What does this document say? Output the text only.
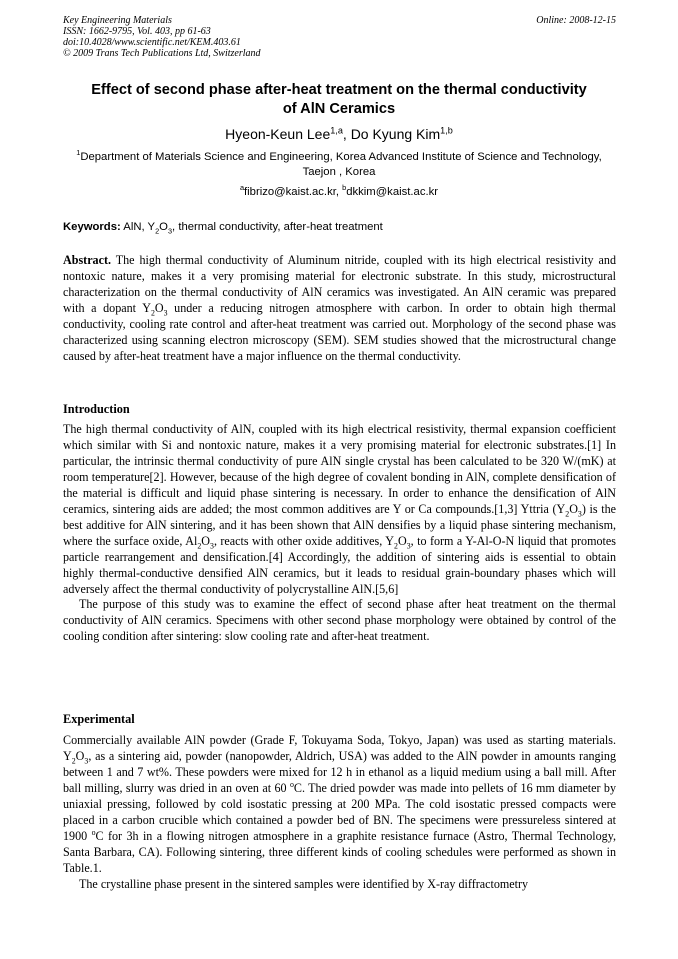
Key Engineering Materials
ISSN: 1662-9795, Vol. 403, pp 61-63
doi:10.4028/www.scientific.net/KEM.403.61
© 2009 Trans Tech Publications Ltd, Switzerland
Online: 2008-12-15
Effect of second phase after-heat treatment on the thermal conductivity
of AlN Ceramics
Hyeon-Keun Lee$^{1,a}$, Do Kyung Kim$^{1,b}$
$^1$Department of Materials Science and Engineering, Korea Advanced Institute of Science and Technology, Taejon , Korea
$^a$fibrizo@kaist.ac.kr, $^b$dkkim@kaist.ac.kr
Keywords: AlN, $Y_2O_3$, thermal conductivity, after-heat treatment

Abstract. The high thermal conductivity of Aluminum nitride, coupled with its high electrical resistivity and nontoxic nature, makes it a very promising material for electronic substrate. In this study, microstructural characterization on the thermal conductivity of AlN ceramics was investigated. An AlN ceramic was prepared with a dopant $Y_2O_3$ under a reducing nitrogen atmosphere with carbon. In order to obtain high thermal conductivity, cooling rate control and after-heat treatment was carried out. Morphology of the second phase was characterized using scanning electron microscopy (SEM). SEM studies showed that the microstructural change caused by after-heat treatment have a major influence on the thermal conductivity.

Introduction

The high thermal conductivity of AlN, coupled with its high electrical resistivity, thermal expansion coefficient which similar with Si and nontoxic nature, makes it a very promising material for electronic substrates.[1] In particular, the intrinsic thermal conductivity of pure AlN single crystal has been calculated to be 320 W/(mK) at room temperature[2]. However, because of the high degree of covalent bonding in AlN, complete densification of the material is difficult and liquid phase sintering is necessary. In order to enhance the densification of AlN ceramics, sintering aids are added; the most common additives are Y or Ca compounds.[1,3] Yttria $(Y_2O_3)$ is the best additive for AlN sintering, and it has been shown that AlN densifies by a liquid phase sintering mechanism, where the surface oxide, $Al_2O_3$, reacts with other oxide additives, $Y_2O_3$, to form a Y-Al-O-N liquid that promotes particle rearrangement and densification.[4] Accordingly, the addition of sintering aids is essential to obtain highly thermal-conductive densified AlN ceramics, but it leads to residual grain-boundary phases which will adversely affect the thermal conductivity of polycrystalline AlN.[5,6]

The purpose of this study was to examine the effect of second phase after heat treatment on the thermal conductivity of AlN ceramics. Specimens with other second phase morphology were obtained by control of the cooling condition after sintering: slow cooling rate and after-heat treatment.

Experimental

Commercially available AlN powder (Grade F, Tokuyama Soda, Tokyo, Japan) was used as starting materials. $Y_2O_3$, as a sintering aid, powder (nanopowder, Aldrich, USA) was added to the AlN powder in amounts ranging between 1 and 7 wt%. These powders were mixed for 12 h in ethanol as a liquid medium using a ball mill. After ball milling, slurry was dried in an oven at 60 $^o$C. The dried powder was made into pellets of 16 mm diameter by uniaxial pressing, followed by cold isostatic pressing at 200 MPa. The cold isostatic pressed compacts were placed in a carbon crucible which contained a powder bed of BN. The specimens were pressureless sintered at 1900 $^o$C for 3h in a flowing nitrogen atmosphere in a graphite resistance furnace (Astro, Thermal Technology, Santa Barbara, CA). Following sintering, three different kinds of cooling schedules were performed as shown in Table.1.

The crystalline phase present in the sintered samples were identified by X-ray diffractometry
